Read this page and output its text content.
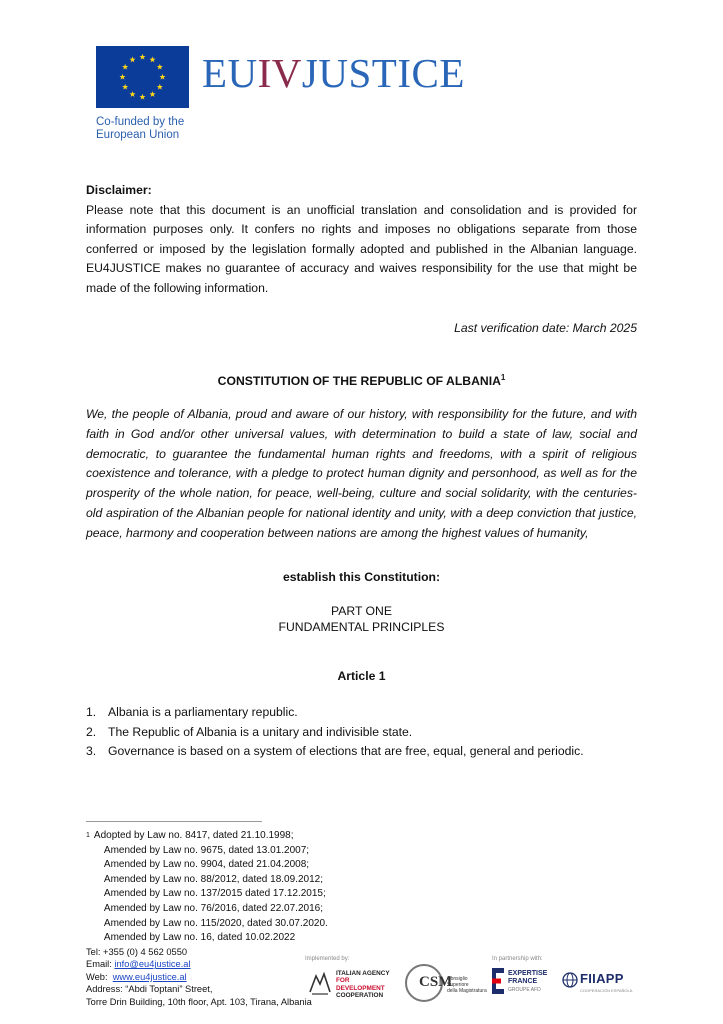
EUIVJUSTICE
Co-funded by the
European Union
Disclaimer:
Please note that this document is an unofficial translation and consolidation and is provided for information purposes only. It confers no rights and imposes no obligations separate from those conferred or imposed by the legislation formally adopted and published in the Albanian language. EU4JUSTICE makes no guarantee of accuracy and waives responsibility for the use that might be made of the following information.
Last verification date: March 2025
CONSTITUTION OF THE REPUBLIC OF ALBANIA$^1$
We, the people of Albania, proud and aware of our history, with responsibility for the future, and with faith in God and/or other universal values, with determination to build a state of law, social and democratic, to guarantee the fundamental human rights and freedoms, with a spirit of religious coexistence and tolerance, with a pledge to protect human dignity and personhood, as well as for the prosperity of the whole nation, for peace, well-being, culture and social solidarity, with the centuries-old aspiration of the Albanian people for national identity and unity, with a deep conviction that justice, peace, harmony and cooperation between nations are among the highest values of humanity,
establish this Constitution:
PART ONE
FUNDAMENTAL PRINCIPLES
Article 1
1. Albania is a parliamentary republic.
2. The Republic of Albania is a unitary and indivisible state.
3. Governance is based on a system of elections that are free, equal, general and periodic.
$^1$ Adopted by Law no. 8417, dated 21.10.1998;
Amended by Law no. 9675, dated 13.01.2007;
Amended by Law no. 9904, dated 21.04.2008;
Amended by Law no. 88/2012, dated 18.09.2012;
Amended by Law no. 137/2015 dated 17.12.2015;
Amended by Law no. 76/2016, dated 22.07.2016;
Amended by Law no. 115/2020, dated 30.07.2020.
Amended by Law no. 16, dated 10.02.2022
Tel: +355 (0) 4 562 0550
Email: info@eu4justice.al
Web: www.eu4justice.al
Address: “Abdi Toptani” Street,
Torre Drin Building, 10th floor, Apt. 103, Tirana, Albania
Implemented by:	In partnership with:
ITALIAN AGENCY
FOR DEVELOPMENT
COOPERATION
CSM
Consiglio
Superiore
della Magistratura
EXPERTISE
FRANCE
GROUPE AFD
FIIAPP
COOPERACIÓN ESPAÑOLA
